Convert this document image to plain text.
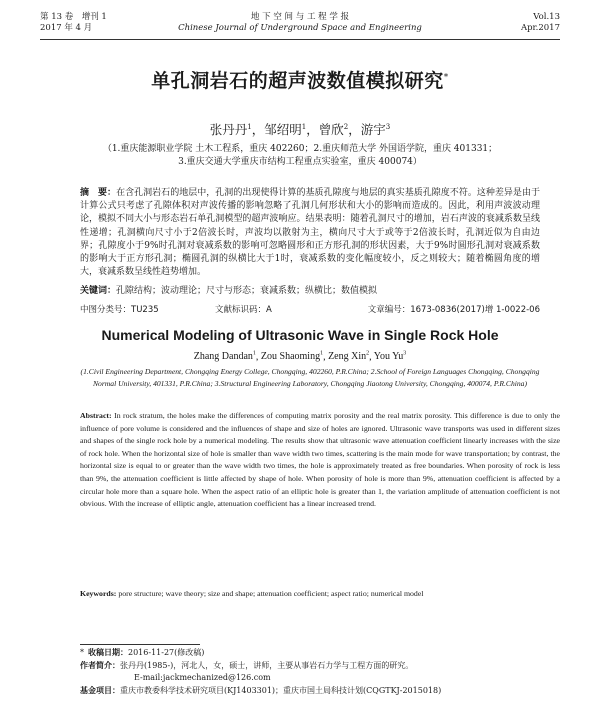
第 13 卷　增刊 1
2017 年 4 月
地 下 空 间 与 工 程 学 报
Chinese Journal of Underground Space and Engineering
Vol.13
Apr.2017
单孔洞岩石的超声波数值模拟研究*
张丹丹$^1$，邹绍明$^1$，曾欣$^2$，游宇$^3$
（1.重庆能源职业学院 土木工程系，重庆 402260；2.重庆师范大学 外国语学院，重庆 401331；
3.重庆交通大学重庆市结构工程重点实验室，重庆 400074）
摘　要：在含孔洞岩石的地层中，孔洞的出现使得计算的基质孔隙度与地层的真实基质孔隙度不符。这种差异是由于计算公式只考虑了孔隙体积对声波传播的影响忽略了孔洞几何形状和大小的影响而造成的。因此，利用声波波动理论，模拟不同大小与形态岩石单孔洞模型的超声波响应。结果表明：随着孔洞尺寸的增加，岩石声波的衰减系数呈线性递增；孔洞横向尺寸小于2倍波长时，声波均以散射为主，横向尺寸大于或等于2倍波长时，孔洞近似为自由边界；孔隙度小于9%时孔洞对衰减系数的影响可忽略圆形和正方形孔洞的形状因素，大于9%时圆形孔洞对衰减系数的影响大于正方形孔洞；椭圆孔洞的纵横比大于1时，衰减系数的变化幅度较小，反之则较大；随着椭圆角度的增大，衰减系数呈线性趋势增加。
关键词：孔隙结构；波动理论；尺寸与形态；衰减系数；纵横比；数值模拟
中图分类号：TU235	文献标识码：A	文章编号：1673-0836(2017)增 1-0022-06
Numerical Modeling of Ultrasonic Wave in Single Rock Hole
Zhang Dandan$^1$, Zou Shaoming$^1$, Zeng Xin$^2$, You Yu$^3$
(1.Civil Engineering Department, Chongqing Energy College, Chongqing, 402260, P.R.China; 2.School of Foreign Languages Chongqing, Chongqing Normal University, 401331, P.R.China; 3.Structural Engineering Laboratory, Chongqing Jiaotong University, Chongqing, 400074, P.R.China)
Abstract: In rock stratum, the holes make the differences of computing matrix porosity and the real matrix porosity. This difference is due to only the influence of pore volume is considered and the influences of shape and size of holes are ignored. Ultrasonic wave transports was used in different sizes and shapes of the single rock hole by a numerical modeling. The results show that ultrasonic wave attenuation coefficient linearly increases with the size of rock hole. When the horizontal size of hole is smaller than wave width two times, scattering is the main mode for wave transportation; by contrast, the horizontal size is equal to or greater than the wave width two times, the hole is approximately treated as free boundaries. When porosity of rock is less than 9%, the attenuation coefficient is little affected by shape of hole. When porosity of hole is more than 9%, attenuation coefficient is affected by a circular hole more than a square hole. When the aspect ratio of an elliptic hole is greater than 1, the variation amplitude of attenuation coefficient is not obvious. With the increase of elliptic angle, attenuation coefficient has a linear increased trend.
Keywords: pore structure; wave theory; size and shape; attenuation coefficient; aspect ratio; numerical model
* 收稿日期：2016-11-27(修改稿)
作者简介：张丹丹(1985-)，河北人，女，硕士，讲师，主要从事岩石力学与工程方面的研究。
E-mail:jackmechanized@126.com
基金项目：重庆市教委科学技术研究项目(KJ1403301)；重庆市国土局科技计划(CQGTKJ-2015018)
